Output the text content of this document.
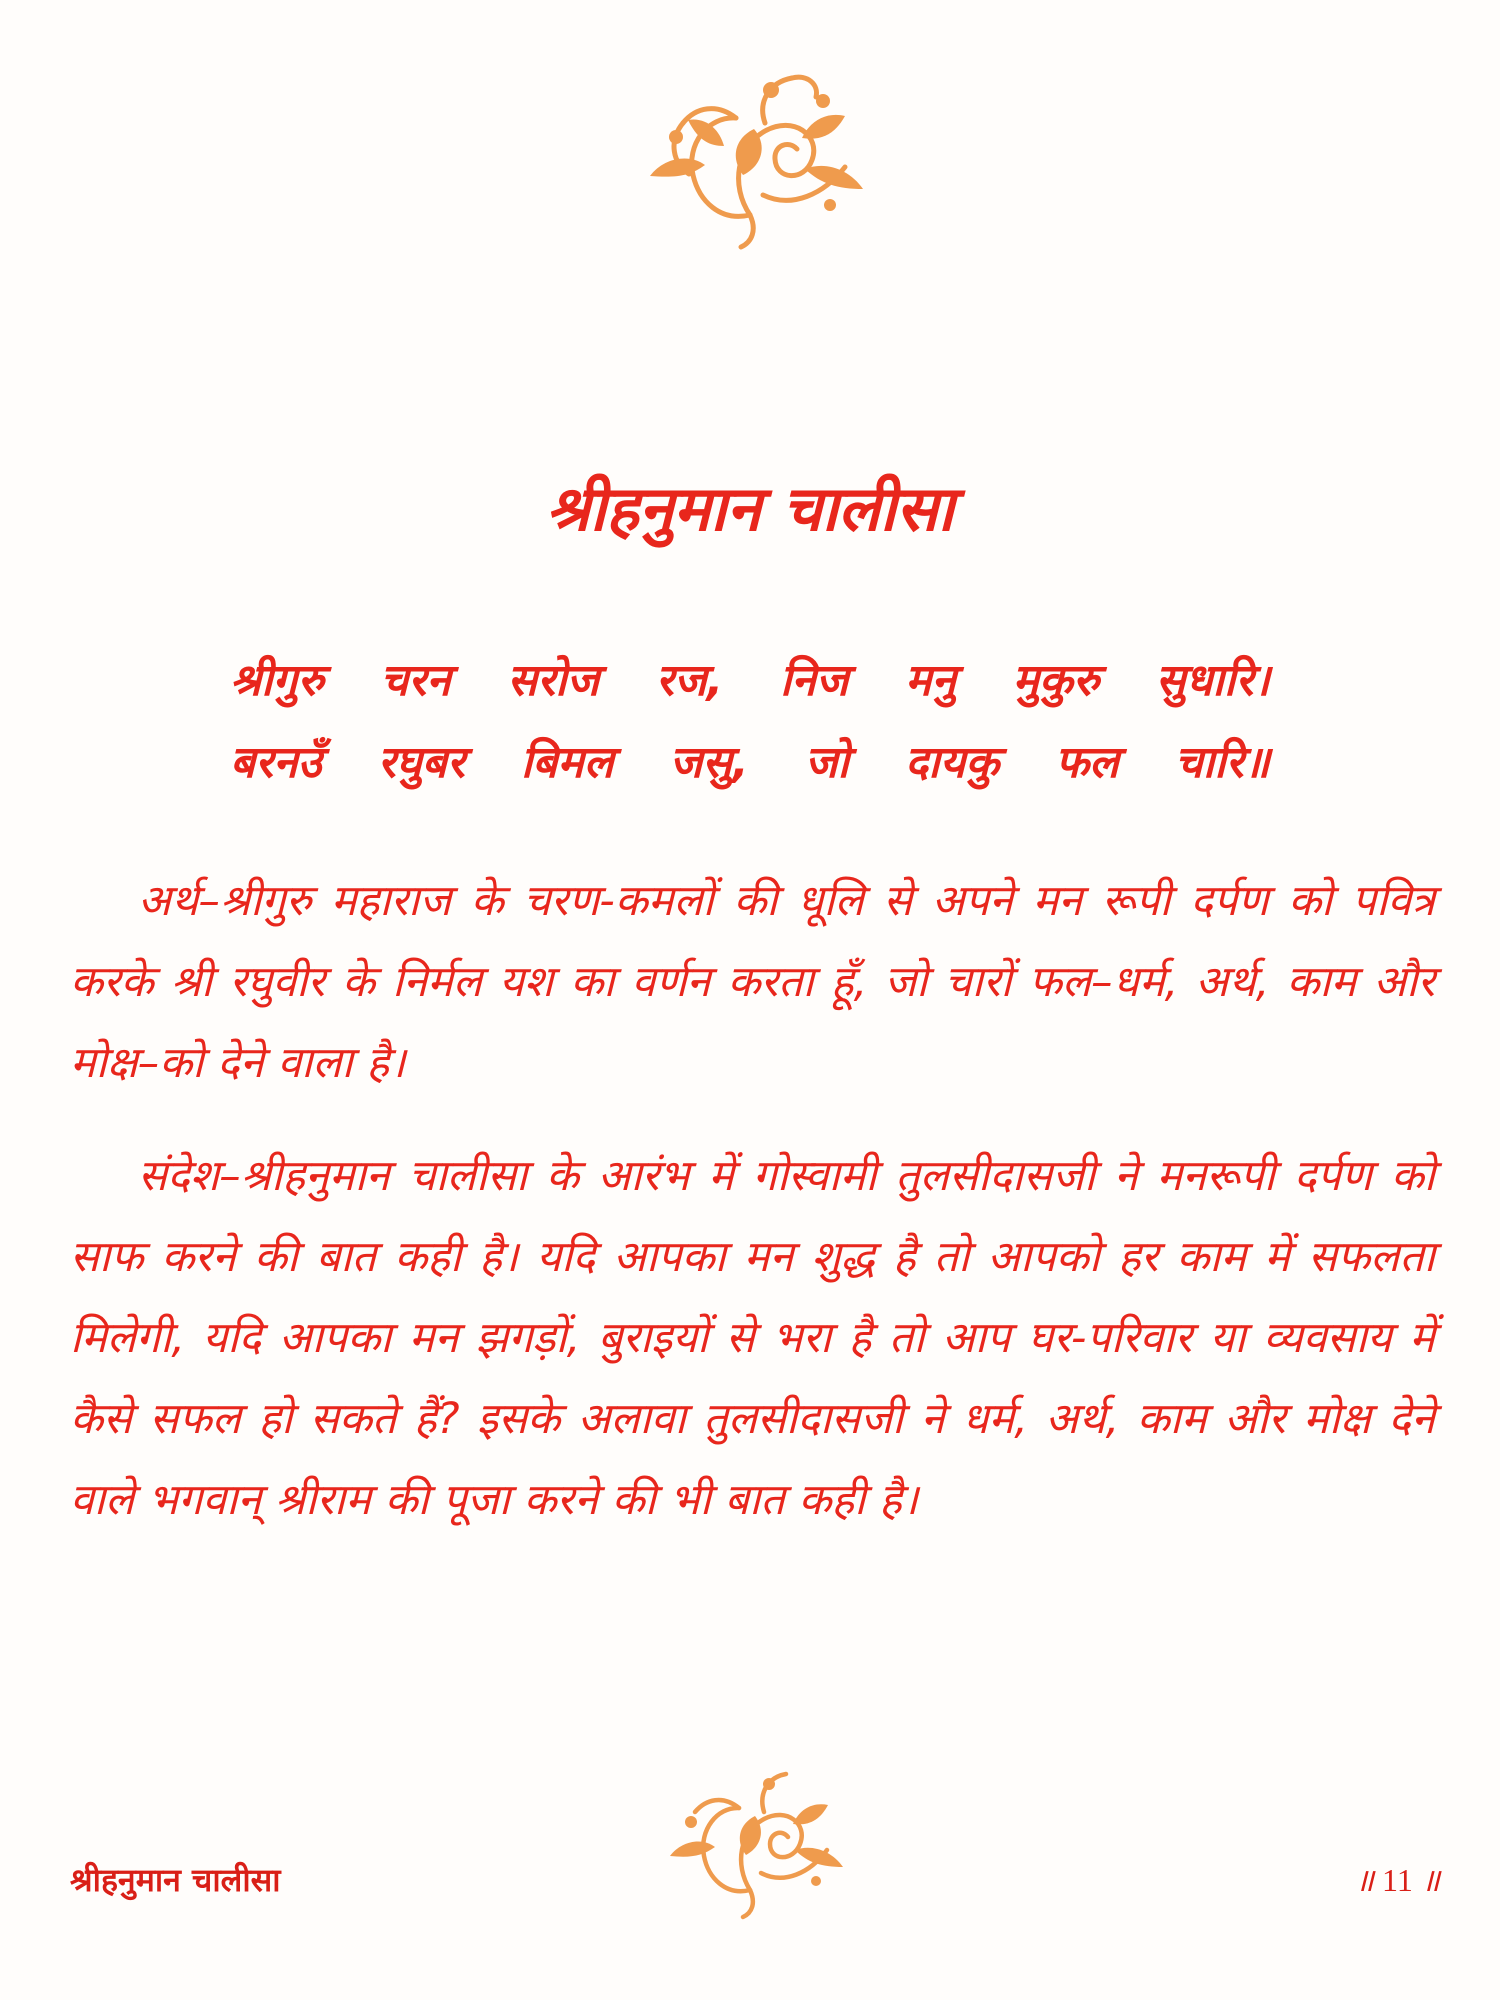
श्रीहनुमान चालीसा
श्रीगुरु चरन सरोज रज, निज मनु मुकुरु सुधारि।
बरनउँ रघुबर बिमल जसु, जो दायकु फल चारि॥

अर्थ–श्रीगुरु महाराज के चरण-कमलों की धूलि से अपने मन रूपी दर्पण को पवित्र करके श्री रघुवीर के निर्मल यश का वर्णन करता हूँ, जो चारों फल–धर्म, अर्थ, काम और मोक्ष–को देने वाला है।

संदेश–श्रीहनुमान चालीसा के आरंभ में गोस्वामी तुलसीदासजी ने मनरूपी दर्पण को साफ करने की बात कही है। यदि आपका मन शुद्ध है तो आपको हर काम में सफलता मिलेगी, यदि आपका मन झगड़ों, बुराइयों से भरा है तो आप घर-परिवार या व्यवसाय में कैसे सफल हो सकते हैं? इसके अलावा तुलसीदासजी ने धर्म, अर्थ, काम और मोक्ष देने वाले भगवान् श्रीराम की पूजा करने की भी बात कही है।

श्रीहनुमान चालीसा	॥ 11 ॥
